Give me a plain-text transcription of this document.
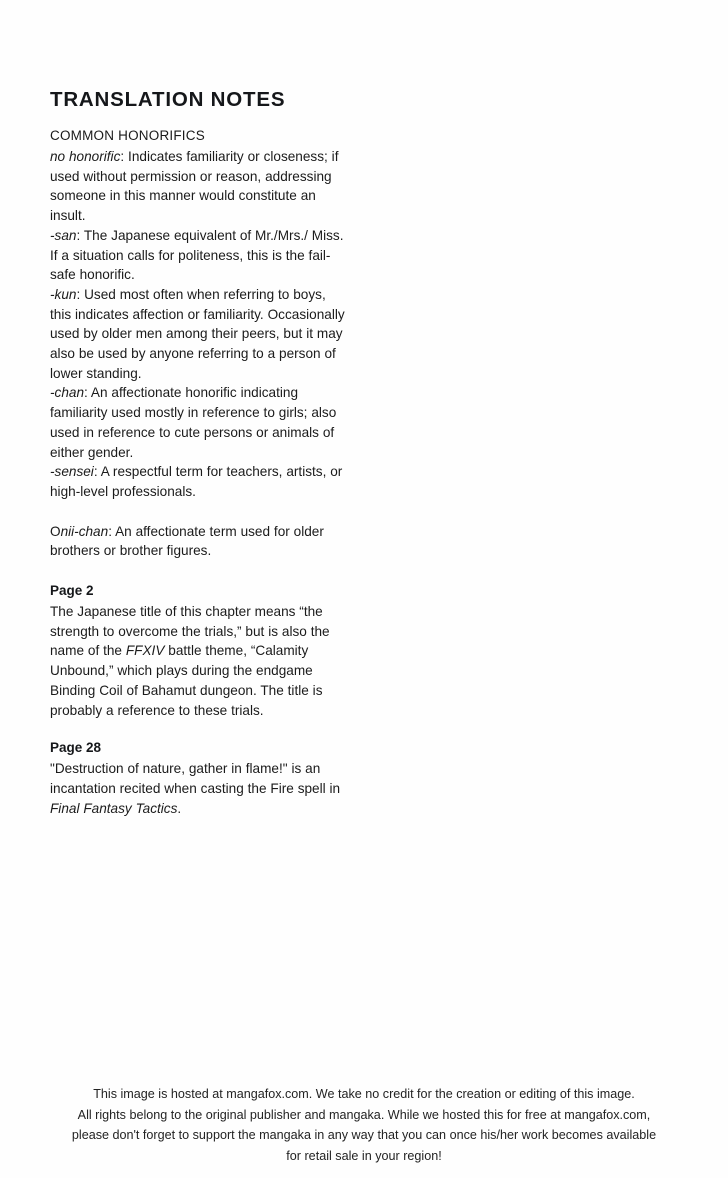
TRANSLATION NOTES
COMMON HONORIFICS

no honorific: Indicates familiarity or closeness; if used without permission or reason, addressing someone in this manner would constitute an insult.

-san: The Japanese equivalent of Mr./Mrs./ Miss. If a situation calls for politeness, this is the fail-safe honorific.

-kun: Used most often when referring to boys, this indicates affection or familiarity. Occasionally used by older men among their peers, but it may also be used by anyone referring to a person of lower standing.

-chan: An affectionate honorific indicating familiarity used mostly in reference to girls; also used in reference to cute persons or animals of either gender.

-sensei: A respectful term for teachers, artists, or high-level professionals.

Onii-chan: An affectionate term used for older brothers or brother figures.

Page 2

The Japanese title of this chapter means “the strength to overcome the trials,” but is also the name of the FFXIV battle theme, “Calamity Unbound,” which plays during the endgame Binding Coil of Bahamut dungeon. The title is probably a reference to these trials.

Page 28

"Destruction of nature, gather in flame!" is an incantation recited when casting the Fire spell in Final Fantasy Tactics.

This image is hosted at mangafox.com. We take no credit for the creation or editing of this image.
All rights belong to the original publisher and mangaka. While we hosted this for free at mangafox.com,
please don't forget to support the mangaka in any way that you can once his/her work becomes available
for retail sale in your region!
